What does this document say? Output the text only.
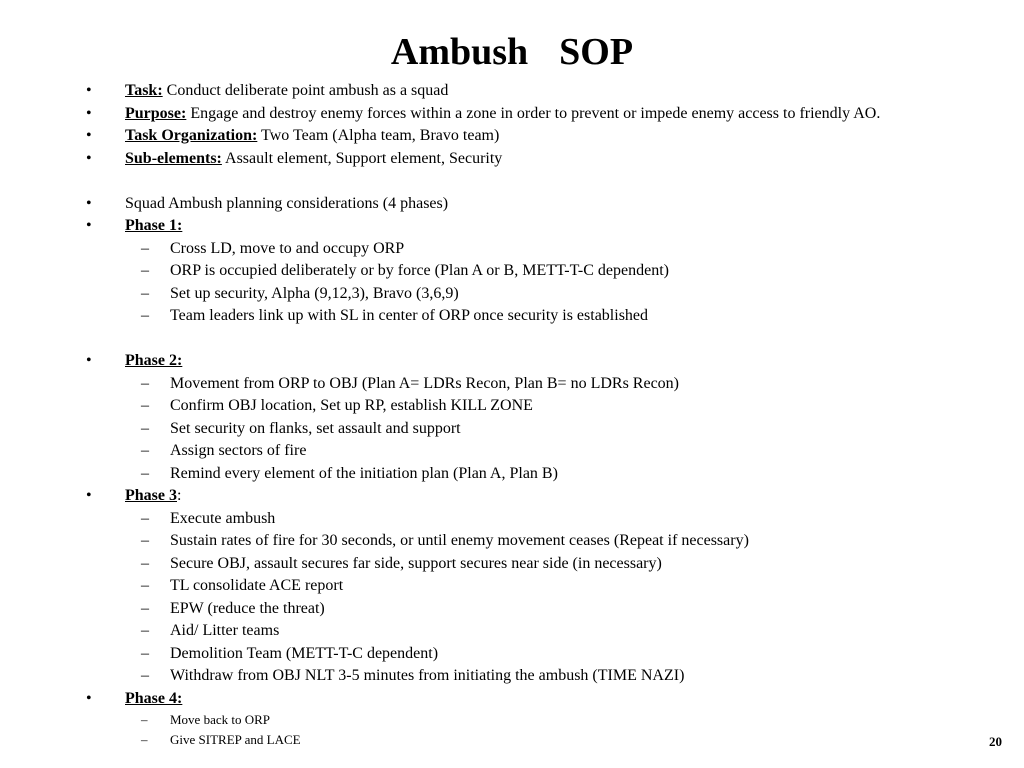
Ambush  SOP
• Task: Conduct deliberate point ambush as a squad
• Purpose: Engage and destroy enemy forces within a zone in order to prevent or impede enemy access to friendly AO.
• Task Organization: Two Team (Alpha team, Bravo team)
• Sub-elements: Assault element, Support element, Security
• Squad Ambush planning considerations (4 phases)
• Phase 1:
– Cross LD, move to and occupy ORP
– ORP is occupied deliberately or by force (Plan A or B, METT-T-C dependent)
– Set up security, Alpha (9,12,3), Bravo (3,6,9)
– Team leaders link up with SL in center of ORP once security is established
• Phase 2:
– Movement from ORP to OBJ (Plan A= LDRs Recon, Plan B= no LDRs Recon)
– Confirm OBJ location, Set up RP, establish KILL ZONE
– Set security on flanks, set assault and support
– Assign sectors of fire
– Remind every element of the initiation plan (Plan A, Plan B)
• Phase 3:
– Execute ambush
– Sustain rates of fire for 30 seconds, or until enemy movement ceases (Repeat if necessary)
– Secure OBJ, assault secures far side, support secures near side (in necessary)
– TL consolidate ACE report
– EPW (reduce the threat)
– Aid/ Litter teams
– Demolition Team (METT-T-C dependent)
– Withdraw from OBJ NLT 3-5 minutes from initiating the ambush (TIME NAZI)
• Phase 4:
– Move back to ORP
– Give SITREP and LACE	20
